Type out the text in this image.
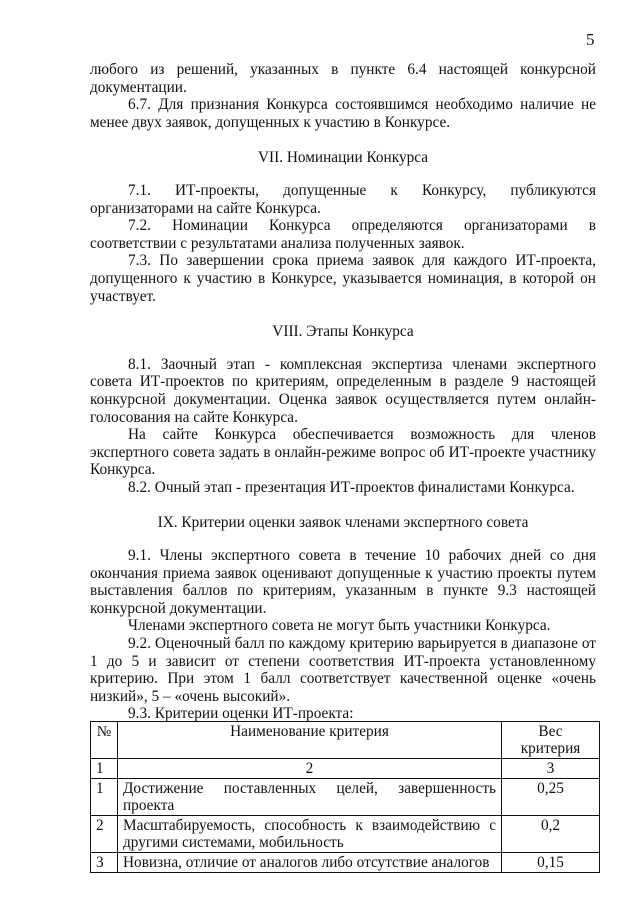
5

любого из решений, указанных в пункте 6.4 настоящей конкурсной документации.

6.7. Для признания Конкурса состоявшимся необходимо наличие не менее двух заявок, допущенных к участию в Конкурсе.

VII. Номинации Конкурса

7.1. ИТ-проекты, допущенные к Конкурсу, публикуются организаторами на сайте Конкурса.

7.2. Номинации Конкурса определяются организаторами в соответствии с результатами анализа полученных заявок.

7.3. По завершении срока приема заявок для каждого ИТ-проекта, допущенного к участию в Конкурсе, указывается номинация, в которой он участвует.

VIII. Этапы Конкурса

8.1. Заочный этап - комплексная экспертиза членами экспертного совета ИТ-проектов по критериям, определенным в разделе 9 настоящей конкурсной документации. Оценка заявок осуществляется путем онлайн-голосования на сайте Конкурса.

На сайте Конкурса обеспечивается возможность для членов экспертного совета задать в онлайн-режиме вопрос об ИТ-проекте участнику Конкурса.

8.2. Очный этап - презентация ИТ-проектов финалистами Конкурса.

IX. Критерии оценки заявок членами экспертного совета

9.1. Члены экспертного совета в течение 10 рабочих дней со дня окончания приема заявок оценивают допущенные к участию проекты путем выставления баллов по критериям, указанным в пункте 9.3 настоящей конкурсной документации.

Членами экспертного совета не могут быть участники Конкурса.

9.2. Оценочный балл по каждому критерию варьируется в диапазоне от 1 до 5 и зависит от степени соответствия ИТ-проекта установленному критерию. При этом 1 балл соответствует качественной оценке «очень низкий», 5 – «очень высокий».

9.3. Критерии оценки ИТ-проекта:

№	Наименование критерия	Вес критерия
1	2	3
1	Достижение поставленных целей, завершенность проекта	0,25
2	Масштабируемость, способность к взаимодействию с другими системами, мобильность	0,2
3	Новизна, отличие от аналогов либо отсутствие аналогов	0,15
